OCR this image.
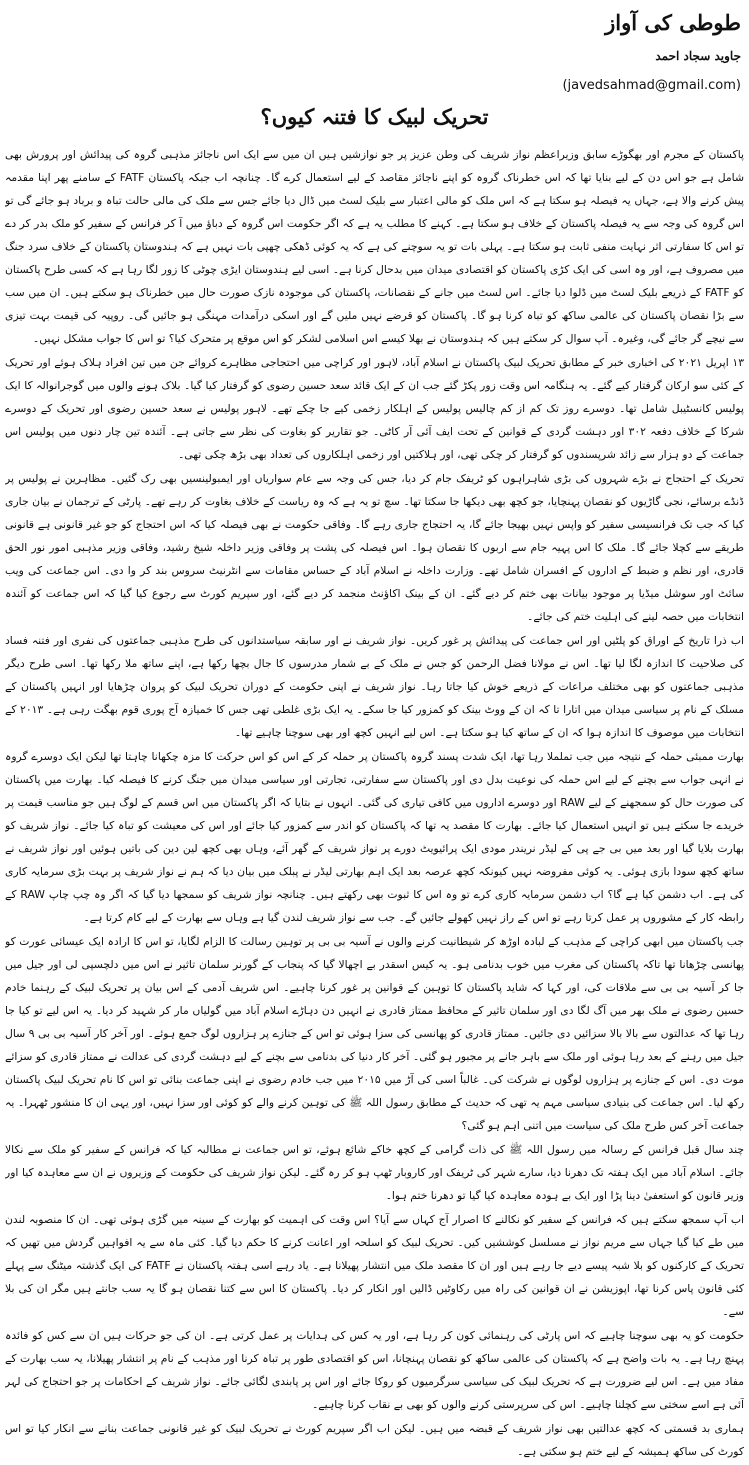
طوطی کی آواز
جاوید سجاد احمد
(javedsahmad@gmail.com)
تحریک لبیک کا فتنہ کیوں؟

پاکستان کے مجرم اور بھگوڑے سابق وزیراعظم نواز شریف کی وطن عزیز پر جو نوازشیں ہیں ان میں سے ایک اس ناجائز مذہبی گروہ کی پیدائش اور پرورش بھی شامل ہے جو اس دن کے لیے بنایا تھا کہ اس خطرناک گروہ کو اپنے ناجائز مقاصد کے لیے استعمال کرے گا۔ چنانچہ اب جبکہ پاکستان FATF کے سامنے پھر اپنا مقدمہ پیش کرنے والا ہے، جہاں یہ فیصلہ ہو سکتا ہے کہ اس ملک کو مالی اعتبار سے بلیک لسٹ میں ڈال دیا جائے جس سے ملک کی مالی حالت تباہ و برباد ہو جائے گی تو اس گروہ کی وجہ سے یہ فیصلہ پاکستان کے خلاف ہو سکتا ہے۔ کہنے کا مطلب یہ ہے کہ اگر حکومت اس گروہ کے دباؤ میں آ کر فرانس کے سفیر کو ملک بدر کر دے تو اس کا سفارتی اثر نہایت منفی ثابت ہو سکتا ہے۔ پہلی بات تو یہ سوچنے کی ہے کہ یہ کوئی ڈھکی چھپی بات نہیں ہے کہ ہندوستان پاکستان کے خلاف سرد جنگ میں مصروف ہے، اور وہ اسی کی ایک کڑی پاکستان کو اقتصادی میدان میں بدحال کرنا ہے۔ اسی لیے ہندوستان ایڑی چوٹی کا زور لگا رہا ہے کہ کسی طرح پاکستان کو FATF کے ذریعے بلیک لسٹ میں ڈلوا دیا جائے۔ اس لسٹ میں جانے کے نقصانات، پاکستان کی موجودہ نازک صورت حال میں خطرناک ہو سکتے ہیں۔ ان میں سب سے بڑا نقصان پاکستان کی عالمی ساکھ کو تباہ کرنا ہو گا۔ پاکستان کو قرضے نہیں ملیں گے اور اسکی درآمدات مہنگی ہو جائیں گی۔ روپیہ کی قیمت بہت تیزی سے نیچے گر جائے گی، وغیرہ۔ آپ سوال کر سکتے ہیں کہ ہندوستان نے بھلا کیسے اس اسلامی لشکر کو اس موقع پر متحرک کیا؟ تو اس کا جواب مشکل نہیں۔

۱۳ اپریل ۲۰۲۱ کی اخباری خبر کے مطابق تحریک لبیک پاکستان نے اسلام آباد، لاہور اور کراچی میں احتجاجی مظاہرے کروائے جن میں تین افراد ہلاک ہوئے اور تحریک کے کئی سو ارکان گرفتار کیے گئے۔ یہ ہنگامہ اس وقت زور پکڑ گئے جب ان کے ایک قائد سعد حسین رضوی کو گرفتار کیا گیا۔ بلاک ہونے والوں میں گوجرانوالہ کا ایک پولیس کانسٹیبل شامل تھا۔ دوسرے روز تک کم از کم چالیس پولیس کے اہلکار زخمی کیے جا چکے تھے۔ لاہور پولیس نے سعد حسین رضوی اور تحریک کے دوسرے شرکا کے خلاف دفعہ ۳۰۲ اور دہشت گردی کے قوانین کے تحت ایف آئی آر کاٹی۔ جو تقاریر کو بغاوت کی نظر سے جاتی ہے۔ آئندہ تین چار دنوں میں پولیس اس جماعت کے دو ہزار سے زائد شرپسندوں کو گرفتار کر چکی تھی، اور ہلاکتیں اور زخمی اہلکاروں کی تعداد بھی بڑھ چکی تھی۔

تحریک کے احتجاج نے بڑے شہروں کی بڑی شاہراہوں کو ٹریفک جام کر دیا، جس کی وجہ سے عام سواریاں اور ایمبولینسیں بھی رک گئیں۔ مظاہرین نے پولیس پر ڈنڈے برسائے، نجی گاڑیوں کو نقصان پہنچایا، جو کچھ بھی دیکھا جا سکتا تھا۔ سچ تو یہ ہے کہ وہ ریاست کے خلاف بغاوت کر رہے تھے۔ پارٹی کے ترجمان نے بیان جاری کیا کہ جب تک فرانسیسی سفیر کو واپس نہیں بھیجا جائے گا، یہ احتجاج جاری رہے گا۔ وفاقی حکومت نے بھی فیصلہ کیا کہ اس احتجاج کو جو غیر قانونی ہے قانونی طریقے سے کچلا جائے گا۔ ملک کا اس پہیہ جام سے اربوں کا نقصان ہوا۔ اس فیصلہ کی پشت پر وفاقی وزیر داخلہ شیخ رشید، وفاقی وزیر مذہبی امور نور الحق قادری، اور نظم و ضبط کے اداروں کے افسران شامل تھے۔ وزارت داخلہ نے اسلام آباد کے حساس مقامات سے انٹرنیٹ سروس بند کر وا دی۔ اس جماعت کی ویب سائٹ اور سوشل میڈیا پر موجود بیانات بھی ختم کر دیے گئے۔ ان کے بینک اکاؤنٹ منجمد کر دیے گئے، اور سپریم کورٹ سے رجوع کیا گیا کہ اس جماعت کو آئندہ انتخابات میں حصہ لینے کی اہلیت ختم کی جائے۔

اب ذرا تاریخ کے اوراق کو پلٹیں اور اس جماعت کی پیدائش پر غور کریں۔ نواز شریف نے اور سابقہ سیاستدانوں کی طرح مذہبی جماعتوں کی نفری اور فتنہ فساد کی صلاحیت کا اندازہ لگا لیا تھا۔ اس نے مولانا فضل الرحمن کو جس نے ملک کے بے شمار مدرسوں کا جال بچھا رکھا ہے، اپنے ساتھ ملا رکھا تھا۔ اسی طرح دیگر مذہبی جماعتوں کو بھی مختلف مراعات کے ذریعے خوش کیا جاتا رہا۔ نواز شریف نے اپنی حکومت کے دوران تحریک لبیک کو پروان چڑھایا اور انہیں پاکستان کے مسلک کے نام پر سیاسی میدان میں اتارا تا کہ ان کے ووٹ بینک کو کمزور کیا جا سکے۔ یہ ایک بڑی غلطی تھی جس کا خمیازہ آج پوری قوم بھگت رہی ہے۔ ۲۰۱۳ کے انتخابات میں موصوف کا اندازہ ہوا کہ ان کے ساتھ کیا ہو سکتا ہے۔ اس لیے انہیں کچھ اور بھی سوچنا چاہیے تھا۔

بھارت ممبئی حملہ کے نتیجہ میں جب تململا رہا تھا، ایک شدت پسند گروہ پاکستان پر حملہ کر کے اس کو اس حرکت کا مزہ چکھانا چاہتا تھا لیکن ایک دوسرے گروہ نے انہی جواب سے بچنے کے لیے اس حملہ کی نوعیت بدل دی اور پاکستان سے سفارتی، تجارتی اور سیاسی میدان میں جنگ کرنے کا فیصلہ کیا۔ بھارت میں پاکستان کی صورت حال کو سمجھنے کے لیے RAW اور دوسرے اداروں میں کافی تیاری کی گئی۔ انہوں نے بتایا کہ اگر پاکستان میں اس قسم کے لوگ ہیں جو مناسب قیمت پر خریدے جا سکتے ہیں تو انہیں استعمال کیا جائے۔ بھارت کا مقصد یہ تھا کہ پاکستان کو اندر سے کمزور کیا جائے اور اس کی معیشت کو تباہ کیا جائے۔ نواز شریف کو بھارت بلایا گیا اور بعد میں بی جے پی کے لیڈر نریندر مودی ایک پرائیویٹ دورے پر نواز شریف کے گھر آئے، وہاں بھی کچھ لین دین کی باتیں ہوئیں اور نواز شریف نے ساتھ کچھ سودا بازی ہوئی۔ یہ کوئی مفروضہ نہیں کیونکہ کچھ عرصہ بعد ایک اہم بھارتی لیڈر نے پبلک میں بیان دیا کہ ہم نے نواز شریف پر بہت بڑی سرمایہ کاری کی ہے۔ اب دشمن کیا ہے گا؟ اب دشمن سرمایہ کاری کرے تو وہ اس کا ثبوت بھی رکھتے ہیں۔ چنانچہ نواز شریف کو سمجھا دیا گیا کہ اگر وہ چپ چاپ RAW کے رابطہ کار کے مشوروں پر عمل کرتا رہے تو اس کے راز نہیں کھولے جائیں گے۔ جب سے نواز شریف لندن گیا ہے وہاں سے بھارت کے لیے کام کرتا ہے۔

جب پاکستان میں ابھی کراچی کے مذہب کے لبادہ اوڑھ کر شیطانیت کرنے والوں نے آسیہ بی بی پر توہین رسالت کا الزام لگایا، تو اس کا ارادہ ایک عیسائی عورت کو پھانسی چڑھانا تھا تاکہ پاکستان کی مغرب میں خوب بدنامی ہو۔ یہ کیس اسقدر بے اچھالا گیا کہ پنجاب کے گورنر سلمان تاثیر نے اس میں دلچسپی لی اور جیل میں جا کر آسیہ بی بی سے ملاقات کی، اور کہا کہ شاید پاکستان کا توہین کے قوانین پر غور کرنا چاہیے۔ اس شریف آدمی کے اس بیان پر تحریک لبیک کے رہنما خادم حسین رضوی نے ملک بھر میں آگ لگا دی اور سلمان تاثیر کے محافظ ممتاز قادری نے انہیں دن دہاڑے اسلام آباد میں گولیاں مار کر شہید کر دیا۔ یہ اس لیے تو کیا جا رہا تھا کہ عدالتوں سے بالا بالا سزائیں دی جائیں۔ ممتاز قادری کو پھانسی کی سزا ہوئی تو اس کے جنازے پر ہزاروں لوگ جمع ہوئے۔ اور آخر کار آسیہ بی بی ۹ سال جیل میں رہنے کے بعد رہا ہوئی اور ملک سے باہر جانے پر مجبور ہو گئی۔ آخر کار دنیا کی بدنامی سے بچنے کے لیے دہشت گردی کی عدالت نے ممتاز قادری کو سزائے موت دی۔ اس کے جنازے پر ہزاروں لوگوں نے شرکت کی۔ غالباً اسی کی آڑ میں ۲۰۱۵ میں جب خادم رضوی نے اپنی جماعت بنائی تو اس کا نام تحریک لبیک پاکستان رکھ لیا۔ اس جماعت کی بنیادی سیاسی مہم یہ تھی کہ حدیث کے مطابق رسول اللہ ﷺ کی توہین کرنے والے کو کوئی اور سزا نہیں، اور یہی ان کا منشور ٹھہرا۔ یہ جماعت آخر کس طرح ملک کی سیاست میں اتنی اہم ہو گئی؟

چند سال قبل فرانس کے رسالہ میں رسول اللہ ﷺ کی ذات گرامی کے کچھ خاکے شائع ہوئے، تو اس جماعت نے مطالبہ کیا کہ فرانس کے سفیر کو ملک سے نکالا جائے۔ اسلام آباد میں ایک ہفتہ تک دھرنا دیا، سارے شہر کی ٹریفک اور کاروبار ٹھپ ہو کر رہ گئے۔ لیکن نواز شریف کی حکومت کے وزیروں نے ان سے معاہدہ کیا اور وزیر قانون کو استعفیٰ دینا پڑا اور ایک بے ہودہ معاہدہ کیا گیا تو دھرنا ختم ہوا۔

اب آپ سمجھ سکتے ہیں کہ فرانس کے سفیر کو نکالنے کا اصرار آج کہاں سے آیا؟ اس وقت کی اہمیت کو بھارت کے سینہ میں گڑی ہوئی تھی۔ ان کا منصوبہ لندن میں طے کیا گیا جہاں سے مریم نواز نے مسلسل کوششیں کیں۔ تحریک لبیک کو اسلحہ اور اعانت کرنے کا حکم دیا گیا۔ کئی ماہ سے یہ افواہیں گردش میں تھیں کہ تحریک کے کارکنوں کو بلا شبہ پیسے دیے جا رہے ہیں اور ان کا مقصد ملک میں انتشار پھیلانا ہے۔ یاد رہے اسی ہفتہ پاکستان نے FATF کی ایک گذشتہ میٹنگ سے پہلے کئی قانون پاس کرنا تھا، اپوزیشن نے ان قوانین کی راہ میں رکاوٹیں ڈالیں اور انکار کر دیا۔ پاکستان کا اس سے کتنا نقصان ہو گا یہ سب جانتے ہیں مگر ان کی بلا سے۔

حکومت کو یہ بھی سوچنا چاہیے کہ اس پارٹی کی رہنمائی کون کر رہا ہے، اور یہ کس کی ہدایات پر عمل کرتی ہے۔ ان کی جو حرکات ہیں ان سے کس کو فائدہ پہنچ رہا ہے۔ یہ بات واضح ہے کہ پاکستان کی عالمی ساکھ کو نقصان پہنچانا، اس کو اقتصادی طور پر تباہ کرنا اور مذہب کے نام پر انتشار پھیلانا، یہ سب بھارت کے مفاد میں ہے۔ اس لیے ضرورت ہے کہ تحریک لبیک کی سیاسی سرگرمیوں کو روکا جائے اور اس پر پابندی لگائی جائے۔ نواز شریف کے احکامات پر جو احتجاج کی لہر آئی ہے اسے سختی سے کچلنا چاہیے۔ اس کی سرپرستی کرنے والوں کو بھی بے نقاب کرنا چاہیے۔

ہماری بد قسمتی کہ کچھ عدالتیں بھی نواز شریف کے قبضہ میں ہیں۔ لیکن اب اگر سپریم کورٹ نے تحریک لبیک کو غیر قانونی جماعت بنانے سے انکار کیا تو اس کورٹ کی ساکھ ہمیشہ کے لیے ختم ہو سکتی ہے۔
